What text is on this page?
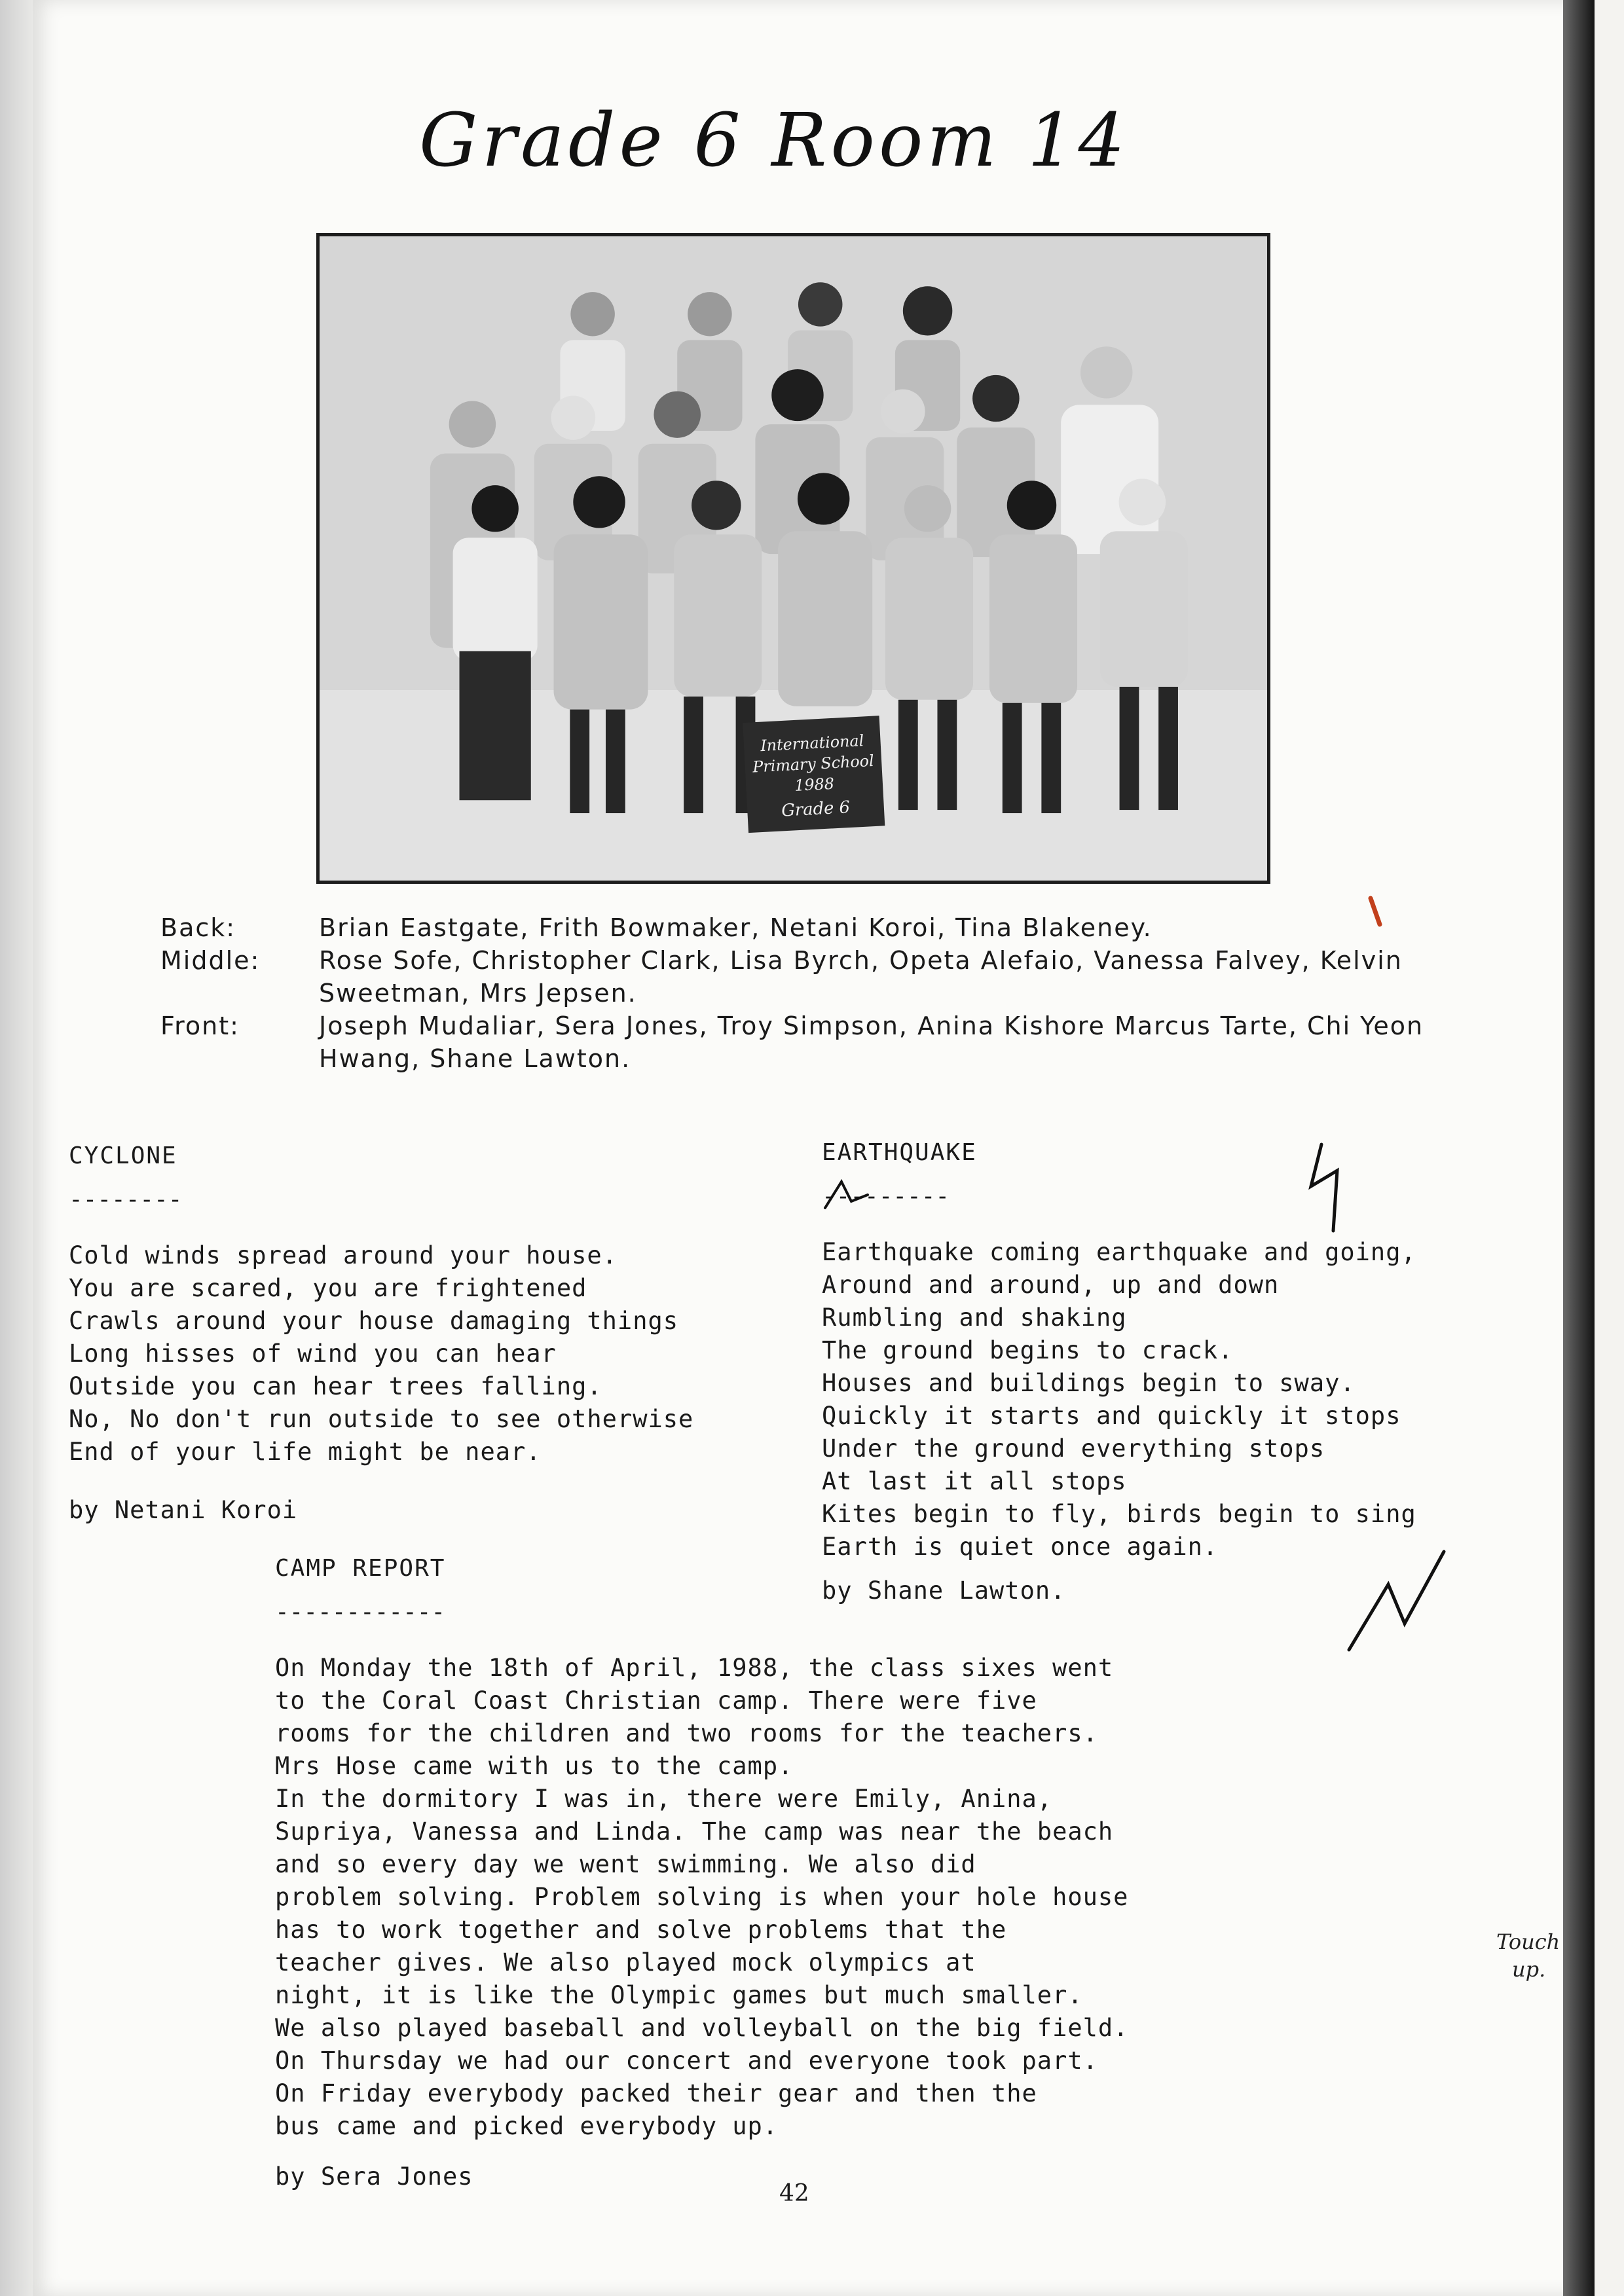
Grade 6 Room 14
International
Primary School
1988
Grade 6
Back:	Brian Eastgate, Frith Bowmaker, Netani Koroi, Tina Blakeney.
Middle:	Rose Sofe, Christopher Clark, Lisa Byrch, Opeta Alefaio, Vanessa Falvey, Kelvin Sweetman, Mrs Jepsen.
Front:	Joseph Mudaliar, Sera Jones, Troy Simpson, Anina Kishore Marcus Tarte, Chi Yeon Hwang, Shane Lawton.
CYCLONE
--------
Cold winds spread around your house.
You are scared, you are frightened
Crawls around your house damaging things
Long hisses of wind you can hear
Outside you can hear trees falling.
No, No don't run outside to see otherwise
End of your life might be near.
by Netani Koroi
EARTHQUAKE
---------
Earthquake coming earthquake and going,
Around and around, up and down
Rumbling and shaking
The ground begins to crack.
Houses and buildings begin to sway.
Quickly it starts and quickly it stops
Under the ground everything stops
At last it all stops
Kites begin to fly, birds begin to sing
Earth is quiet once again.
by Shane Lawton.
CAMP REPORT
------------
On Monday the 18th of April, 1988, the class sixes went
to the Coral Coast Christian camp. There were five
rooms for the children and two rooms for the teachers.
Mrs Hose came with us to the camp.
In the dormitory I was in, there were Emily, Anina,
Supriya, Vanessa and Linda. The camp was near the beach
and so every day we went swimming. We also did
problem solving. Problem solving is when your hole house
has to work together and solve problems that the
teacher gives. We also played mock olympics at
night, it is like the Olympic games but much smaller.
We also played baseball and volleyball on the big field.
On Thursday we had our concert and everyone took part.
On Friday everybody packed their gear and then the
bus came and picked everybody up.
by Sera Jones
Touch
up.
42
